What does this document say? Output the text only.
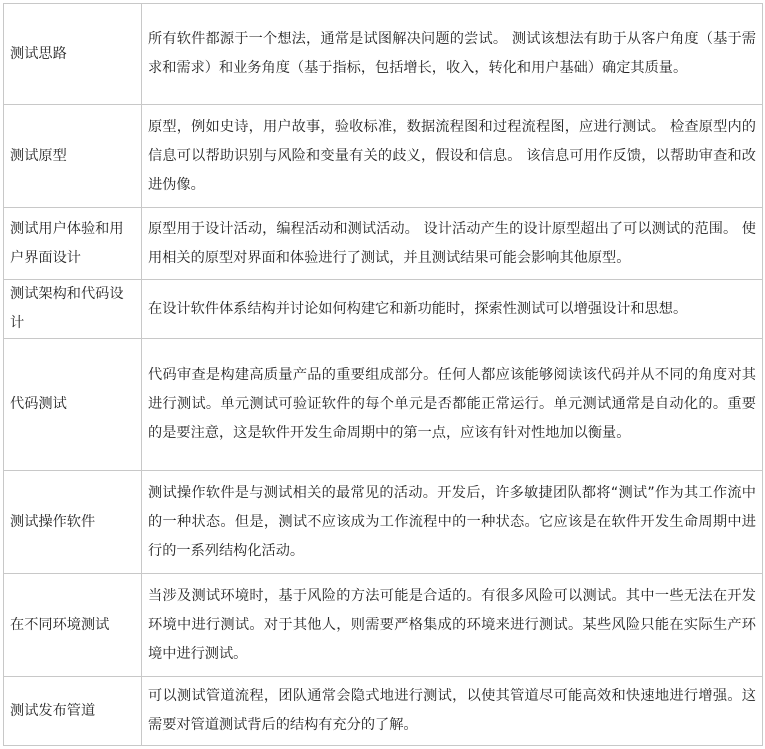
测试思路	所有软件都源于一个想法，通常是试图解决问题的尝试。 测试该想法有助于从客户角度（基于需求和需求）和业务角度（基于指标，包括增长，收入，转化和用户基础）确定其质量。
测试原型	原型，例如史诗，用户故事，验收标准，数据流程图和过程流程图，应进行测试。 检查原型内的信息可以帮助识别与风险和变量有关的歧义，假设和信息。 该信息可用作反馈，以帮助审查和改进伪像。
测试用户体验和用户界面设计	原型用于设计活动，编程活动和测试活动。 设计活动产生的设计原型超出了可以测试的范围。 使用相关的原型对界面和体验进行了测试，并且测试结果可能会影响其他原型。
测试架构和代码设计	在设计软件体系结构并讨论如何构建它和新功能时，探索性测试可以增强设计和思想。
代码测试	代码审查是构建高质量产品的重要组成部分。任何人都应该能够阅读该代码并从不同的角度对其进行测试。单元测试可验证软件的每个单元是否都能正常运行。单元测试通常是自动化的。重要的是要注意，这是软件开发生命周期中的第一点，应该有针对性地加以衡量。
测试操作软件	测试操作软件是与测试相关的最常见的活动。开发后，许多敏捷团队都将“测试”作为其工作流中的一种状态。但是，测试不应该成为工作流程中的一种状态。它应该是在软件开发生命周期中进行的一系列结构化活动。
在不同环境测试	当涉及测试环境时，基于风险的方法可能是合适的。有很多风险可以测试。其中一些无法在开发环境中进行测试。对于其他人，则需要严格集成的环境来进行测试。某些风险只能在实际生产环境中进行测试。
测试发布管道	可以测试管道流程，团队通常会隐式地进行测试，以使其管道尽可能高效和快速地进行增强。这需要对管道测试背后的结构有充分的了解。
